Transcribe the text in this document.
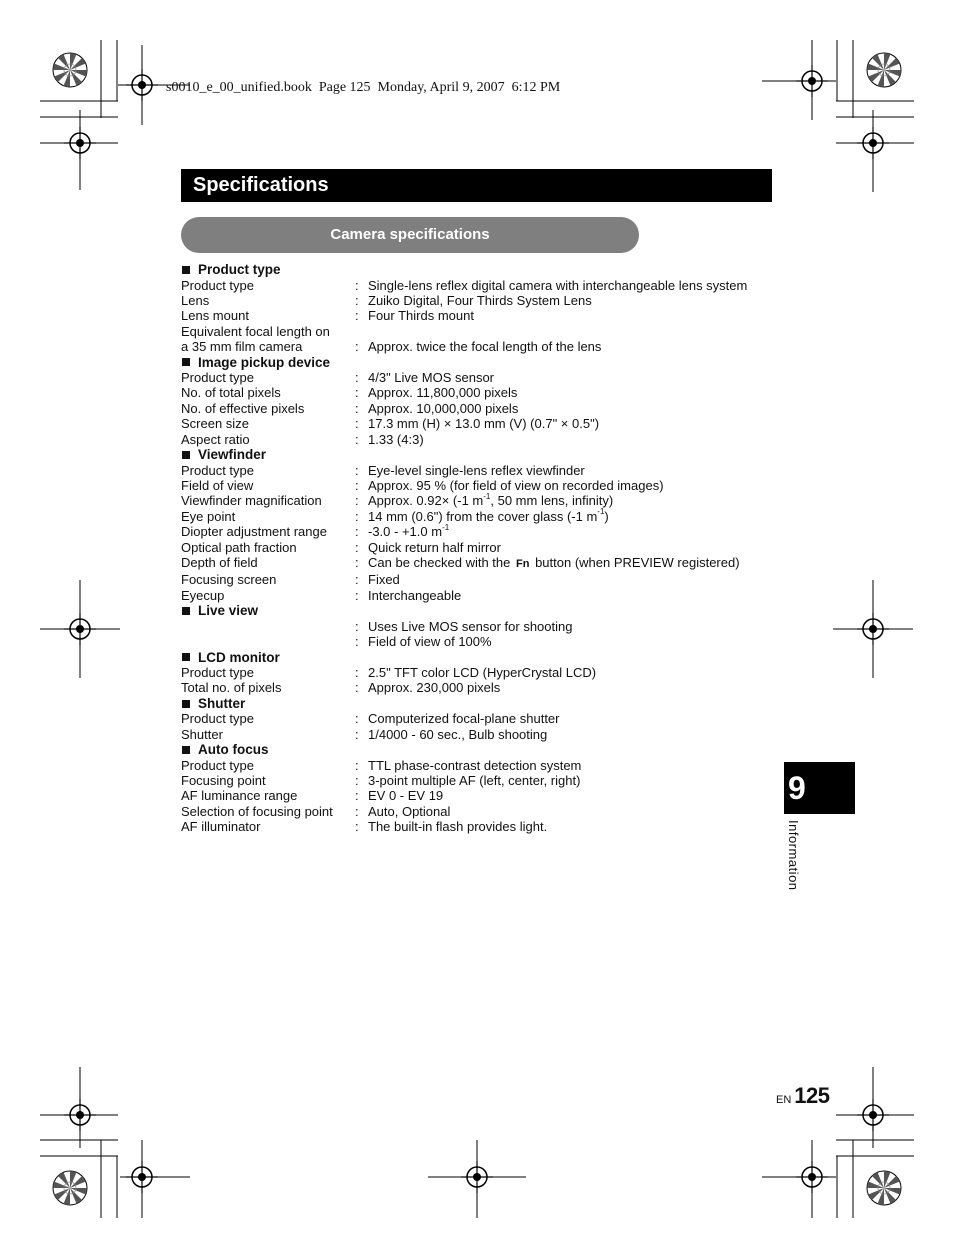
s0010_e_00_unified.book  Page 125  Monday, April 9, 2007  6:12 PM
Specifications
Camera specifications
Product type
Product type	: Single-lens reflex digital camera with interchangeable lens system
Lens	: Zuiko Digital, Four Thirds System Lens
Lens mount	: Four Thirds mount
Equivalent focal length on
a 35 mm film camera	: Approx. twice the focal length of the lens
Image pickup device
Product type	: 4/3" Live MOS sensor
No. of total pixels	: Approx. 11,800,000 pixels
No. of effective pixels	: Approx. 10,000,000 pixels
Screen size	: 17.3 mm (H) × 13.0 mm (V) (0.7" × 0.5")
Aspect ratio	: 1.33 (4:3)
Viewfinder
Product type	: Eye-level single-lens reflex viewfinder
Field of view	: Approx. 95 % (for field of view on recorded images)
Viewfinder magnification	: Approx. 0.92× (-1 $m^{-1}$, 50 mm lens, infinity)
Eye point	: 14 mm (0.6") from the cover glass (-1 $m^{-1}$)
Diopter adjustment range	: -3.0 - +1.0 $m^{-1}$
Optical path fraction	: Quick return half mirror
Depth of field	: Can be checked with the Fn button (when PREVIEW registered)
Focusing screen	: Fixed
Eyecup	: Interchangeable
Live view
: Uses Live MOS sensor for shooting
: Field of view of 100%
LCD monitor
Product type	: 2.5" TFT color LCD (HyperCrystal LCD)
Total no. of pixels	: Approx. 230,000 pixels
Shutter
Product type	: Computerized focal-plane shutter
Shutter	: 1/4000 - 60 sec., Bulb shooting
Auto focus
Product type	: TTL phase-contrast detection system
Focusing point	: 3-point multiple AF (left, center, right)
AF luminance range	: EV 0 - EV 19
Selection of focusing point	: Auto, Optional
AF illuminator	: The built-in flash provides light.
9
Information
EN 125
